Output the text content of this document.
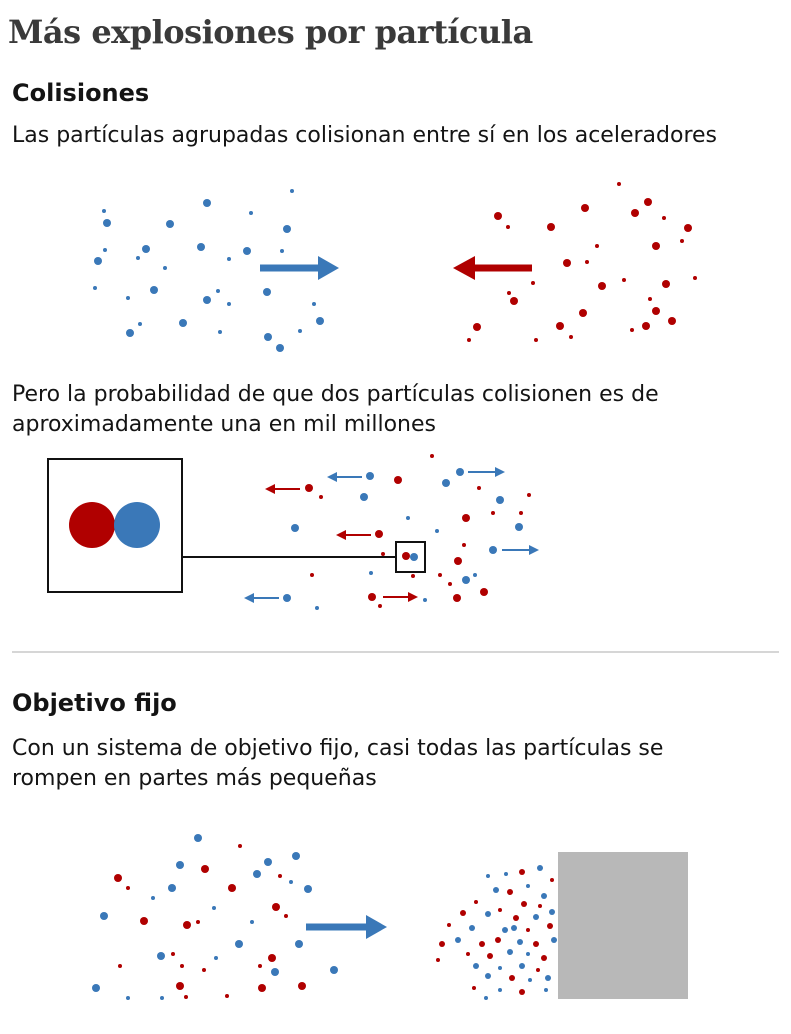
Más explosiones por partícula
Colisiones

Las partículas agrupadas colisionan entre sí en los aceleradores

Pero la probabilidad de que dos partículas colisionen es de aproximadamente una en mil millones

Objetivo fijo

Con un sistema de objetivo fijo, casi todas las partículas se rompen en partes más pequeñas
